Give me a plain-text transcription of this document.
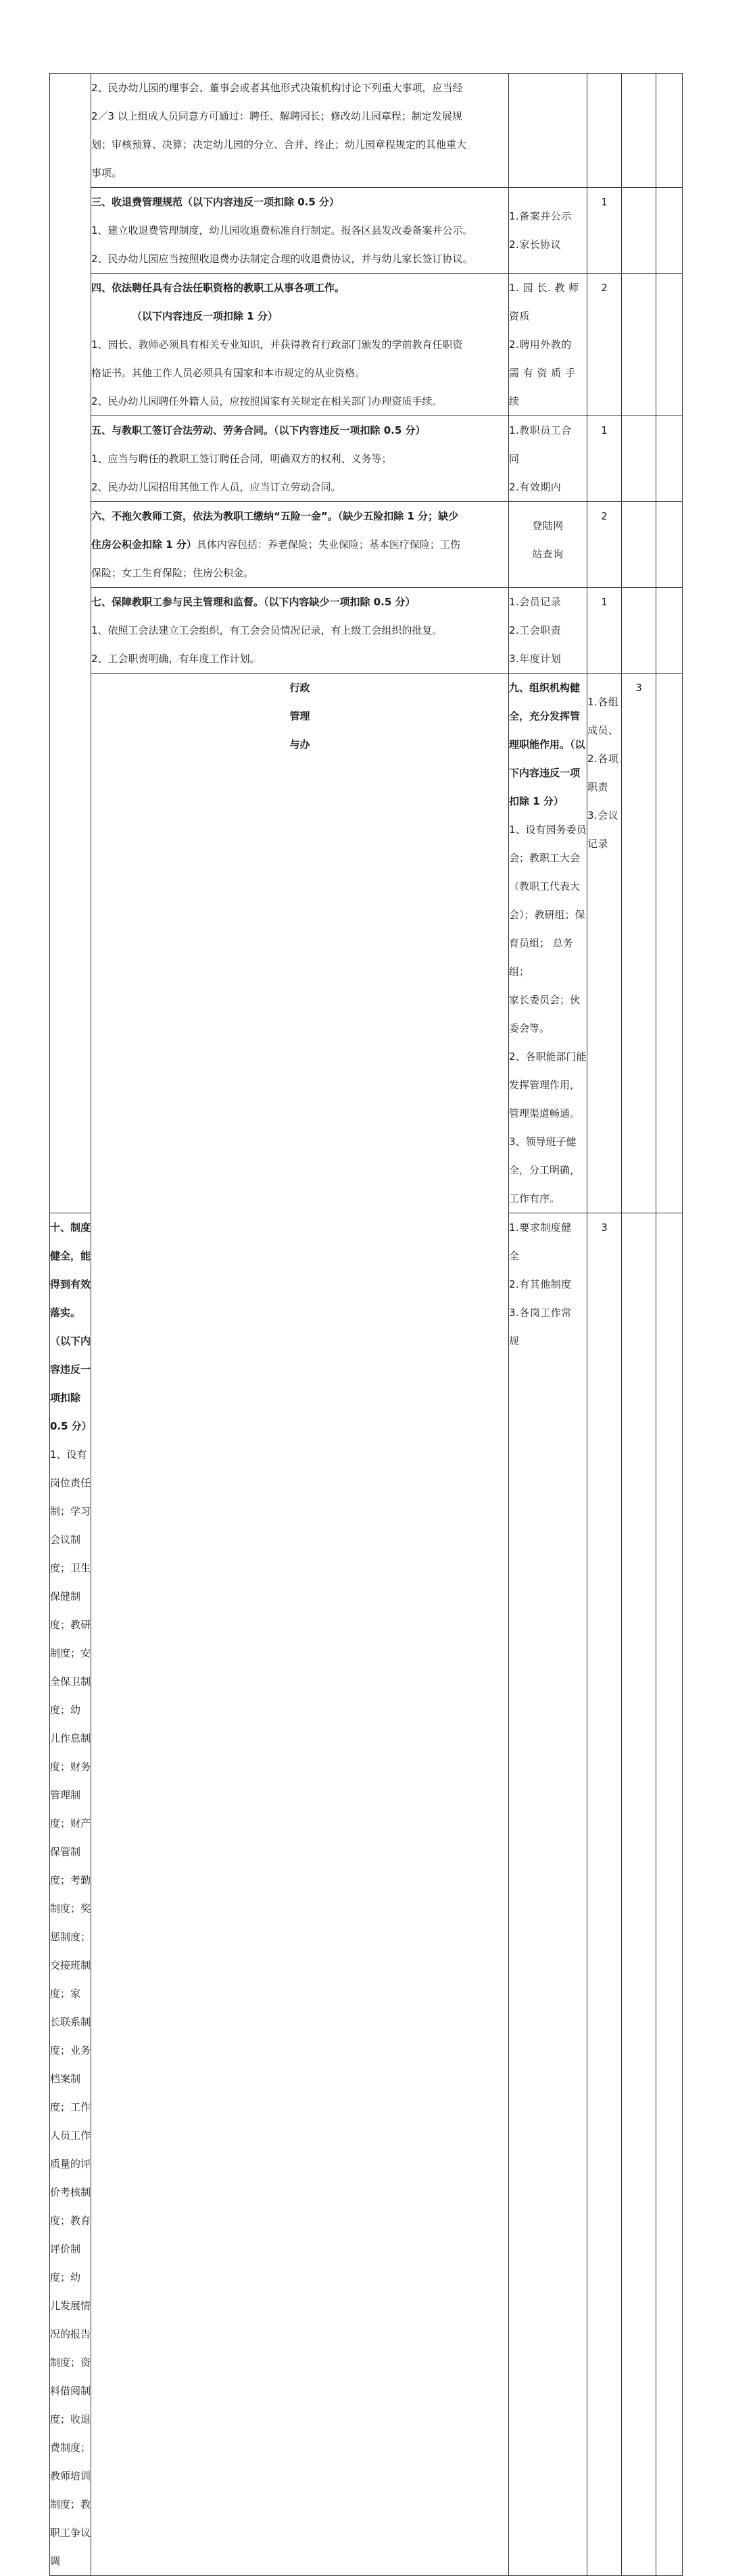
	2、民办幼儿园的理事会、董事会或者其他形式决策机构讨论下列重大事项，应当经
2／3 以上组成人员同意方可通过：聘任、解聘园长；修改幼儿园章程；制定发展规
划；审核预算、决算；决定幼儿园的分立、合并、终止；幼儿园章程规定的其他重大
事项。					

	三、收退费管理规范（以下内容违反一项扣除 0.5 分）
1、建立收退费管理制度，幼儿园收退费标准自行制定。报各区县发改委备案并公示。
2、民办幼儿园应当按照收退费办法制定合理的收退费协议，并与幼儿家长签订协议。	1.备案并公示
2.家长协议	1			

	四、依法聘任具有合法任职资格的教职工从事各项工作。
（以下内容违反一项扣除 1 分）
1、园长、教师必须具有相关专业知识，并获得教育行政部门颁发的学前教育任职资
格证书。其他工作人员必须具有国家和本市规定的从业资格。
2、民办幼儿园聘任外籍人员，应按照国家有关规定在相关部门办理资质手续。	1. 园 长. 教 师
资质
2.聘用外教的
需 有 资 质 手
续	2			

	五、与教职工签订合法劳动、劳务合同。（以下内容违反一项扣除 0.5 分）
1、应当与聘任的教职工签订聘任合同，明确双方的权利、义务等；
2、民办幼儿园招用其他工作人员，应当订立劳动合同。	1.教职员工合
同
2.有效期内	1			

	六、不拖欠教师工资，依法为教职工缴纳“五险一金”。（缺少五险扣除 1 分；缺少
住房公积金扣除 1 分）具体内容包括：养老保险；失业保险；基本医疗保险；工伤
保险；女工生育保险；住房公积金。	登陆网
站查询	2			

	七、保障教职工参与民主管理和监督。（以下内容缺少一项扣除 0.5 分）
1、依照工会法建立工会组织，有工会会员情况记录，有上级工会组织的批复。
2、工会职责明确，有年度工作计划。	1.会员记录
2.工会职责
3.年度计划	1			

	行政
管理
与办	九、组织机构健全，充分发挥管理职能作用。（以下内容违反一项扣除 1 分）
1、设有园务委员会；教职工大会（教职工代表大会）；教研组；保育员组； 总务组；
家长委员会；伙委会等。
2、各职能部门能发挥管理作用，管理渠道畅通。
3、领导班子健全，分工明确，工作有序。	1.各组成员、
2.各项职责
3.会议记录	3		

十、制度健全，能得到有效落实。（以下内容违反一项扣除 0.5 分）
1、设有岗位责任制；学习会议制度；卫生保健制度；教研制度；安全保卫制度；幼
儿作息制度；财务管理制度；财产保管制度；考勤制度；奖惩制度；交接班制度；家
长联系制度；业务档案制度；工作人员工作质量的评价考核制度；教育评价制度；幼
儿发展情况的报告制度；资料借阅制度；收退费制度；教师培训制度；教职工争议调		1.要求制度健
全
2.有其他制度
3.各岗工作常
规	3			
